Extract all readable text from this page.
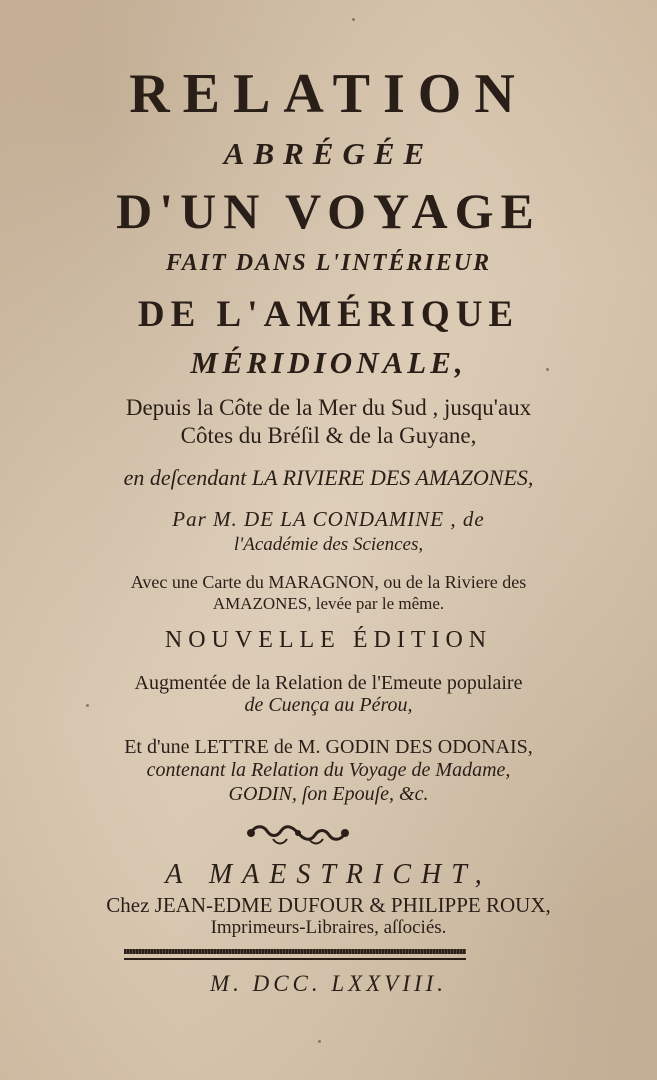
RELATION
ABRÉGÉE
D'UN VOYAGE
FAIT DANS L'INTÉRIEUR
DE L'AMÉRIQUE
MÉRIDIONALE,
Depuis la Côte de la Mer du Sud , jusqu'aux
Côtes du Bréſil & de la Guyane,
en deſcendant LA RIVIERE DES AMAZONES,
Par M. DE LA CONDAMINE , de
l'Académie des Sciences,
Avec une Carte du MARAGNON, ou de la Riviere des
AMAZONES, levée par le même.
NOUVELLE ÉDITION
Augmentée de la Relation de l'Emeute populaire
de Cuença au Pérou,
Et d'une LETTRE de M. GODIN DES ODONAIS,
contenant la Relation du Voyage de Madame,
GODIN, ſon Epouſe, &c.
A MAESTRICHT,
Chez JEAN-EDME DUFOUR & PHILIPPE ROUX,
Imprimeurs-Libraires, aſſociés.
M. DCC. LXXVIII.
